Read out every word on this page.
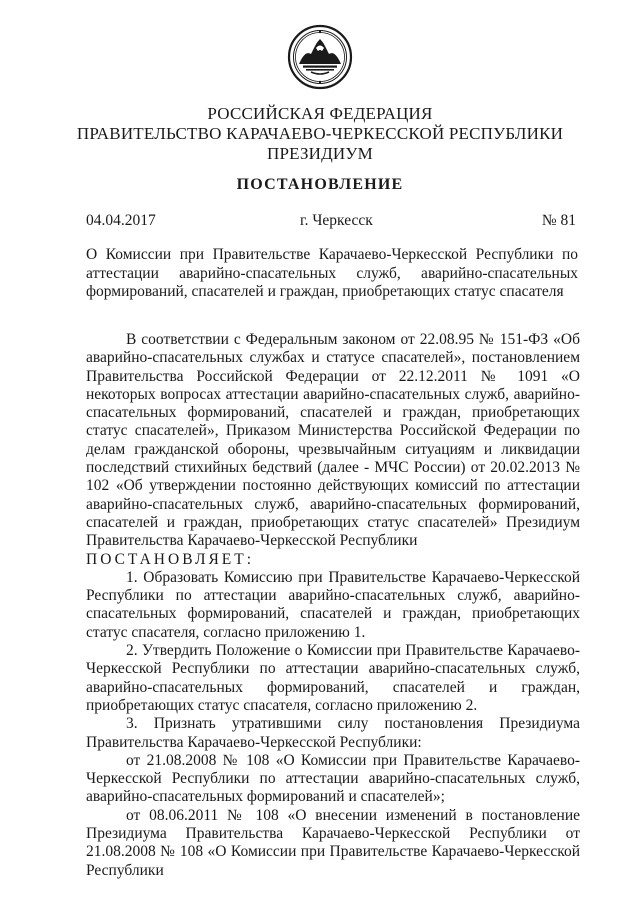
РОССИЙСКАЯ ФЕДЕРАЦИЯ
ПРАВИТЕЛЬСТВО КАРАЧАЕВО-ЧЕРКЕССКОЙ РЕСПУБЛИКИ
ПРЕЗИДИУМ
ПОСТАНОВЛЕНИЕ
04.04.2017	г. Черкесск	№ 81
О Комиссии при Правительстве Карачаево-Черкесской Республики по аттестации аварийно-спасательных служб, аварийно-спасательных формирований, спасателей и граждан, приобретающих статус спасателя

В соответствии с Федеральным законом от 22.08.95 № 151-ФЗ «Об аварийно-спасательных службах и статусе спасателей», постановлением Правительства Российской Федерации от 22.12.2011 № 1091 «О некоторых вопросах аттестации аварийно-спасательных служб, аварийно-спасательных формирований, спасателей и граждан, приобретающих статус спасателей», Приказом Министерства Российской Федерации по делам гражданской обороны, чрезвычайным ситуациям и ликвидации последствий стихийных бедствий (далее - МЧС России) от 20.02.2013 № 102 «Об утверждении постоянно действующих комиссий по аттестации аварийно-спасательных служб, аварийно-спасательных формирований, спасателей и граждан, приобретающих статус спасателей» Президиум Правительства Карачаево-Черкесской Республики

ПОСТАНОВЛЯЕТ:

1. Образовать Комиссию при Правительстве Карачаево-Черкесской Республики по аттестации аварийно-спасательных служб, аварийно-спасательных формирований, спасателей и граждан, приобретающих статус спасателя, согласно приложению 1.

2. Утвердить Положение о Комиссии при Правительстве Карачаево-Черкесской Республики по аттестации аварийно-спасательных служб, аварийно-спасательных формирований, спасателей и граждан, приобретающих статус спасателя, согласно приложению 2.

3. Признать утратившими силу постановления Президиума Правительства Карачаево-Черкесской Республики:

от 21.08.2008 № 108 «О Комиссии при Правительстве Карачаево-Черкесской Республики по аттестации аварийно-спасательных служб, аварийно-спасательных формирований и спасателей»;

от 08.06.2011 № 108 «О внесении изменений в постановление Президиума Правительства Карачаево-Черкесской Республики от 21.08.2008 № 108 «О Комиссии при Правительстве Карачаево-Черкесской Республики
